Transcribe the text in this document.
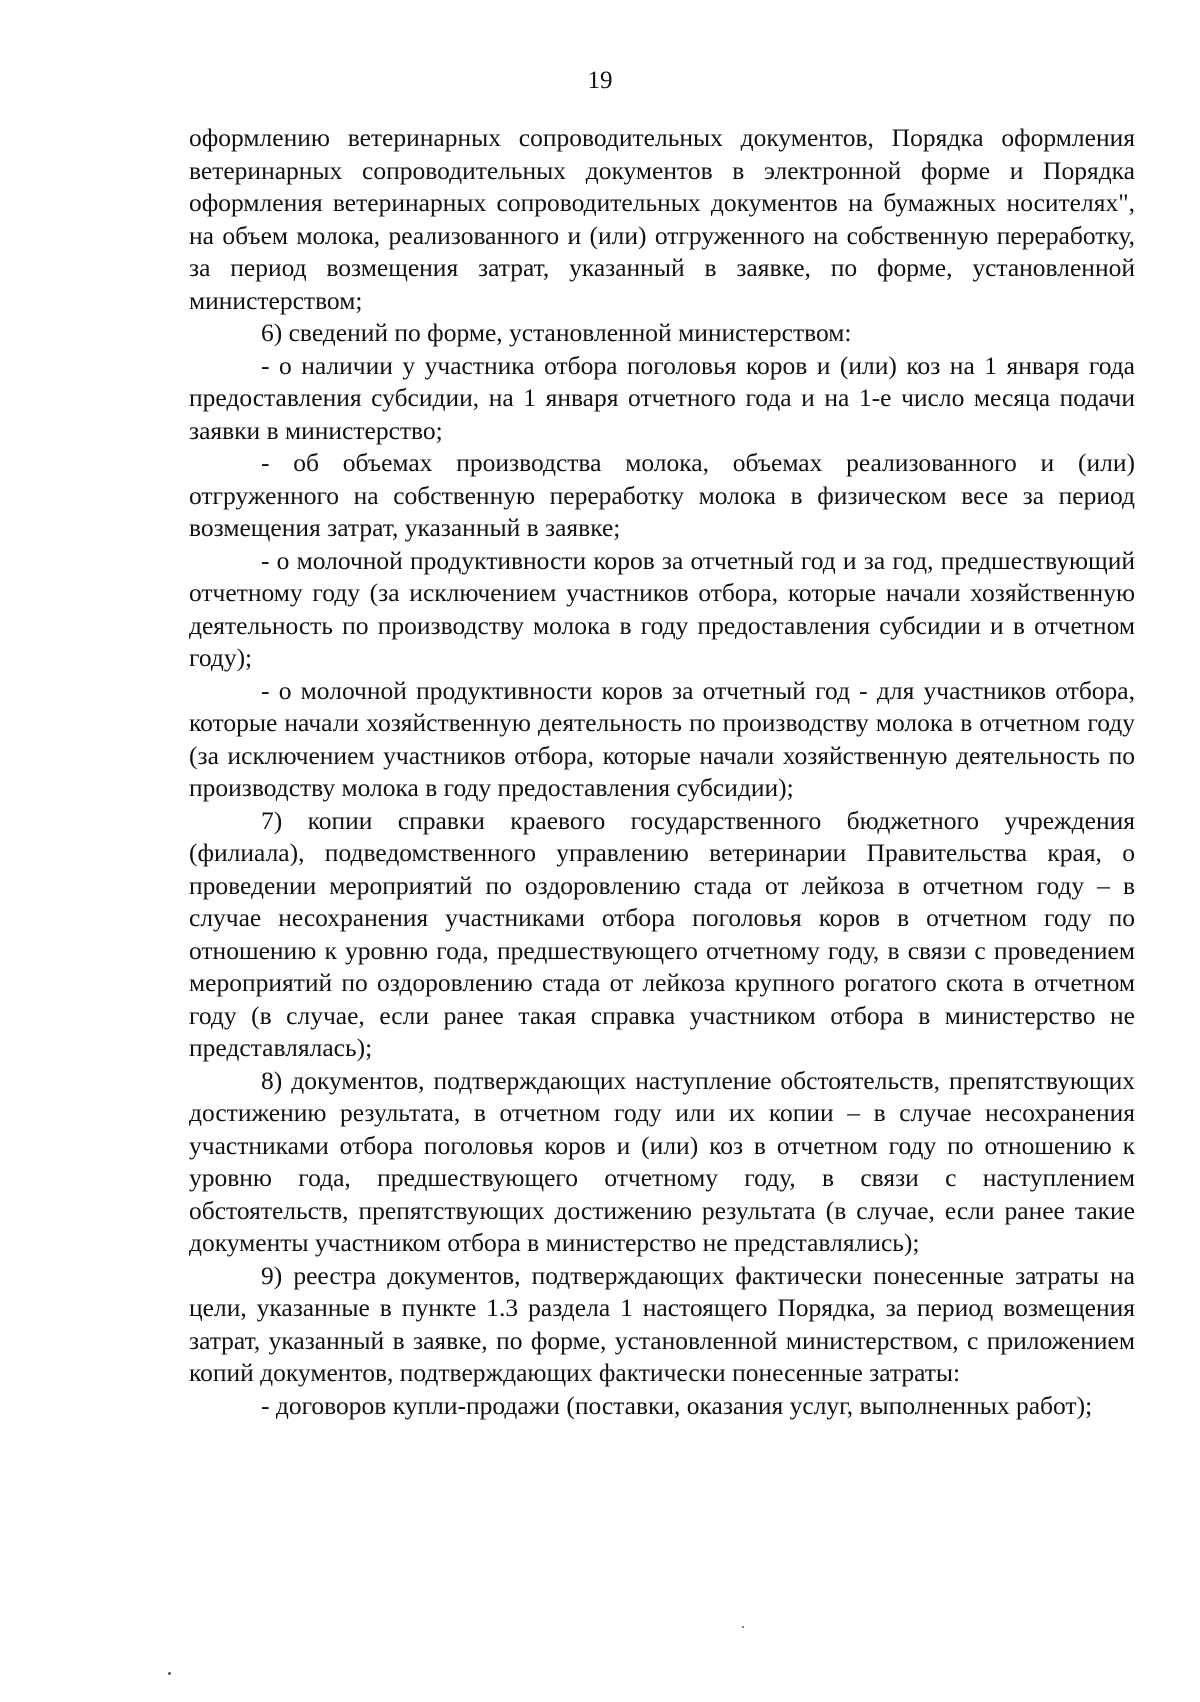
19

оформлению ветеринарных сопроводительных документов, Порядка оформления ветеринарных сопроводительных документов в электронной форме и Порядка оформления ветеринарных сопроводительных документов на бумажных носителях", на объем молока, реализованного и (или) отгруженного на собственную переработку, за период возмещения затрат, указанный в заявке, по форме, установленной министерством;

6) сведений по форме, установленной министерством:

- о наличии у участника отбора поголовья коров и (или) коз на 1 января года предоставления субсидии, на 1 января отчетного года и на 1-е число месяца подачи заявки в министерство;

- об объемах производства молока, объемах реализованного и (или) отгруженного на собственную переработку молока в физическом весе за период возмещения затрат, указанный в заявке;

- о молочной продуктивности коров за отчетный год и за год, предшествующий отчетному году (за исключением участников отбора, которые начали хозяйственную деятельность по производству молока в году предоставления субсидии и в отчетном году);

- о молочной продуктивности коров за отчетный год - для участников отбора, которые начали хозяйственную деятельность по производству молока в отчетном году (за исключением участников отбора, которые начали хозяйственную деятельность по производству молока в году предоставления субсидии);

7) копии справки краевого государственного бюджетного учреждения (филиала), подведомственного управлению ветеринарии Правительства края, о проведении мероприятий по оздоровлению стада от лейкоза в отчетном году – в случае несохранения участниками отбора поголовья коров в отчетном году по отношению к уровню года, предшествующего отчетному году, в связи с проведением мероприятий по оздоровлению стада от лейкоза крупного рогатого скота в отчетном году (в случае, если ранее такая справка участником отбора в министерство не представлялась);

8) документов, подтверждающих наступление обстоятельств, препятствующих достижению результата, в отчетном году или их копии – в случае несохранения участниками отбора поголовья коров и (или) коз в отчетном году по отношению к уровню года, предшествующего отчетному году, в связи с наступлением обстоятельств, препятствующих достижению результата (в случае, если ранее такие документы участником отбора в министерство не представлялись);

9) реестра документов, подтверждающих фактически понесенные затраты на цели, указанные в пункте 1.3 раздела 1 настоящего Порядка, за период возмещения затрат, указанный в заявке, по форме, установленной министерством, с приложением копий документов, подтверждающих фактически понесенные затраты:

- договоров купли-продажи (поставки, оказания услуг, выполненных работ);
